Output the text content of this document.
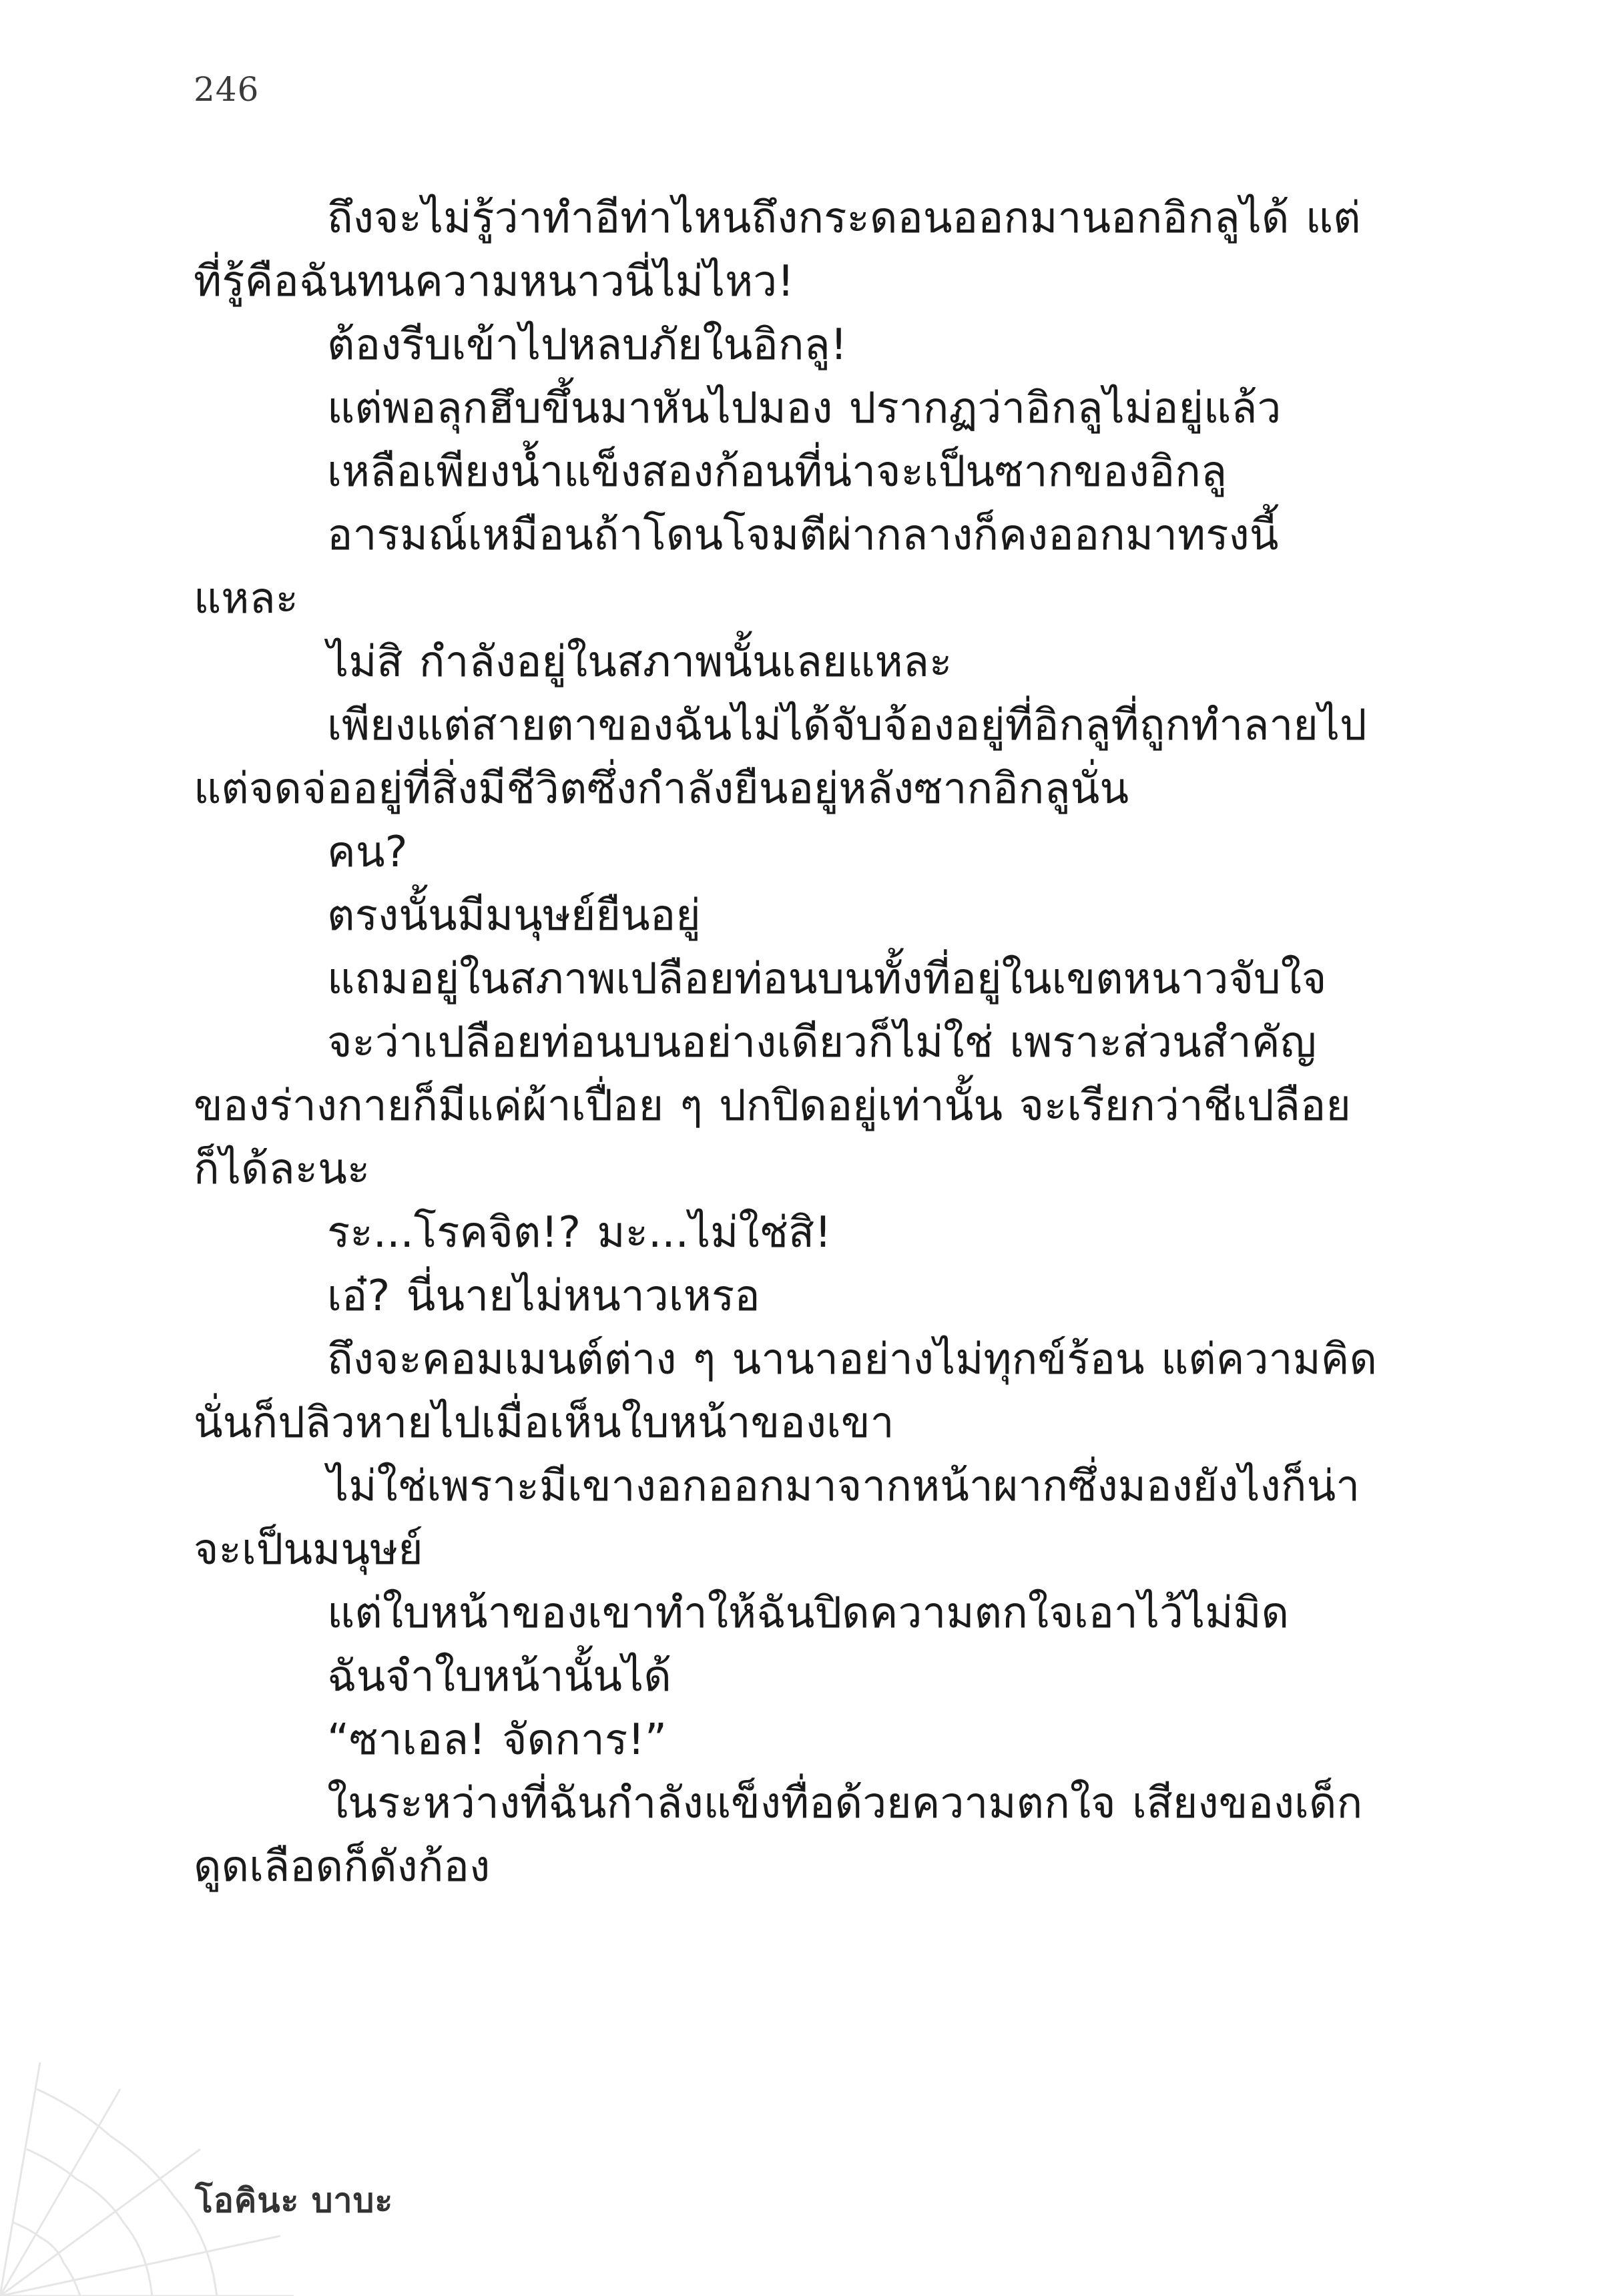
246

ถึงจะไม่รู้ว่าทำอีท่าไหนถึงกระดอนออกมานอกอิกลูได้ แต่ที่รู้คือฉันทนความหนาวนี่ไม่ไหว!

ต้องรีบเข้าไปหลบภัยในอิกลู!

แต่พอลุกฮึบขึ้นมาหันไปมอง ปรากฏว่าอิกลูไม่อยู่แล้ว

เหลือเพียงน้ำแข็งสองก้อนที่น่าจะเป็นซากของอิกลู

อารมณ์เหมือนถ้าโดนโจมตีผ่ากลางก็คงออกมาทรงนี้แหละ

ไม่สิ กำลังอยู่ในสภาพนั้นเลยแหละ

เพียงแต่สายตาของฉันไม่ได้จับจ้องอยู่ที่อิกลูที่ถูกทำลายไปแต่จดจ่ออยู่ที่สิ่งมีชีวิตซึ่งกำลังยืนอยู่หลังซากอิกลูนั่น

คน?

ตรงนั้นมีมนุษย์ยืนอยู่

แถมอยู่ในสภาพเปลือยท่อนบนทั้งที่อยู่ในเขตหนาวจับใจ

จะว่าเปลือยท่อนบนอย่างเดียวก็ไม่ใช่ เพราะส่วนสำคัญของร่างกายก็มีแค่ผ้าเปื่อย ๆ ปกปิดอยู่เท่านั้น จะเรียกว่าชีเปลือยก็ได้ละนะ

ระ...โรคจิต!? มะ...ไม่ใช่สิ!

เอ๋? นี่นายไม่หนาวเหรอ

ถึงจะคอมเมนต์ต่าง ๆ นานาอย่างไม่ทุกข์ร้อน แต่ความคิดนั่นก็ปลิวหายไปเมื่อเห็นใบหน้าของเขา

ไม่ใช่เพราะมีเขางอกออกมาจากหน้าผากซึ่งมองยังไงก็น่าจะเป็นมนุษย์

แต่ใบหน้าของเขาทำให้ฉันปิดความตกใจเอาไว้ไม่มิด

ฉันจำใบหน้านั้นได้

“ซาเอล! จัดการ!”

ในระหว่างที่ฉันกำลังแข็งทื่อด้วยความตกใจ เสียงของเด็กดูดเลือดก็ดังก้อง

โอคินะ บาบะ
